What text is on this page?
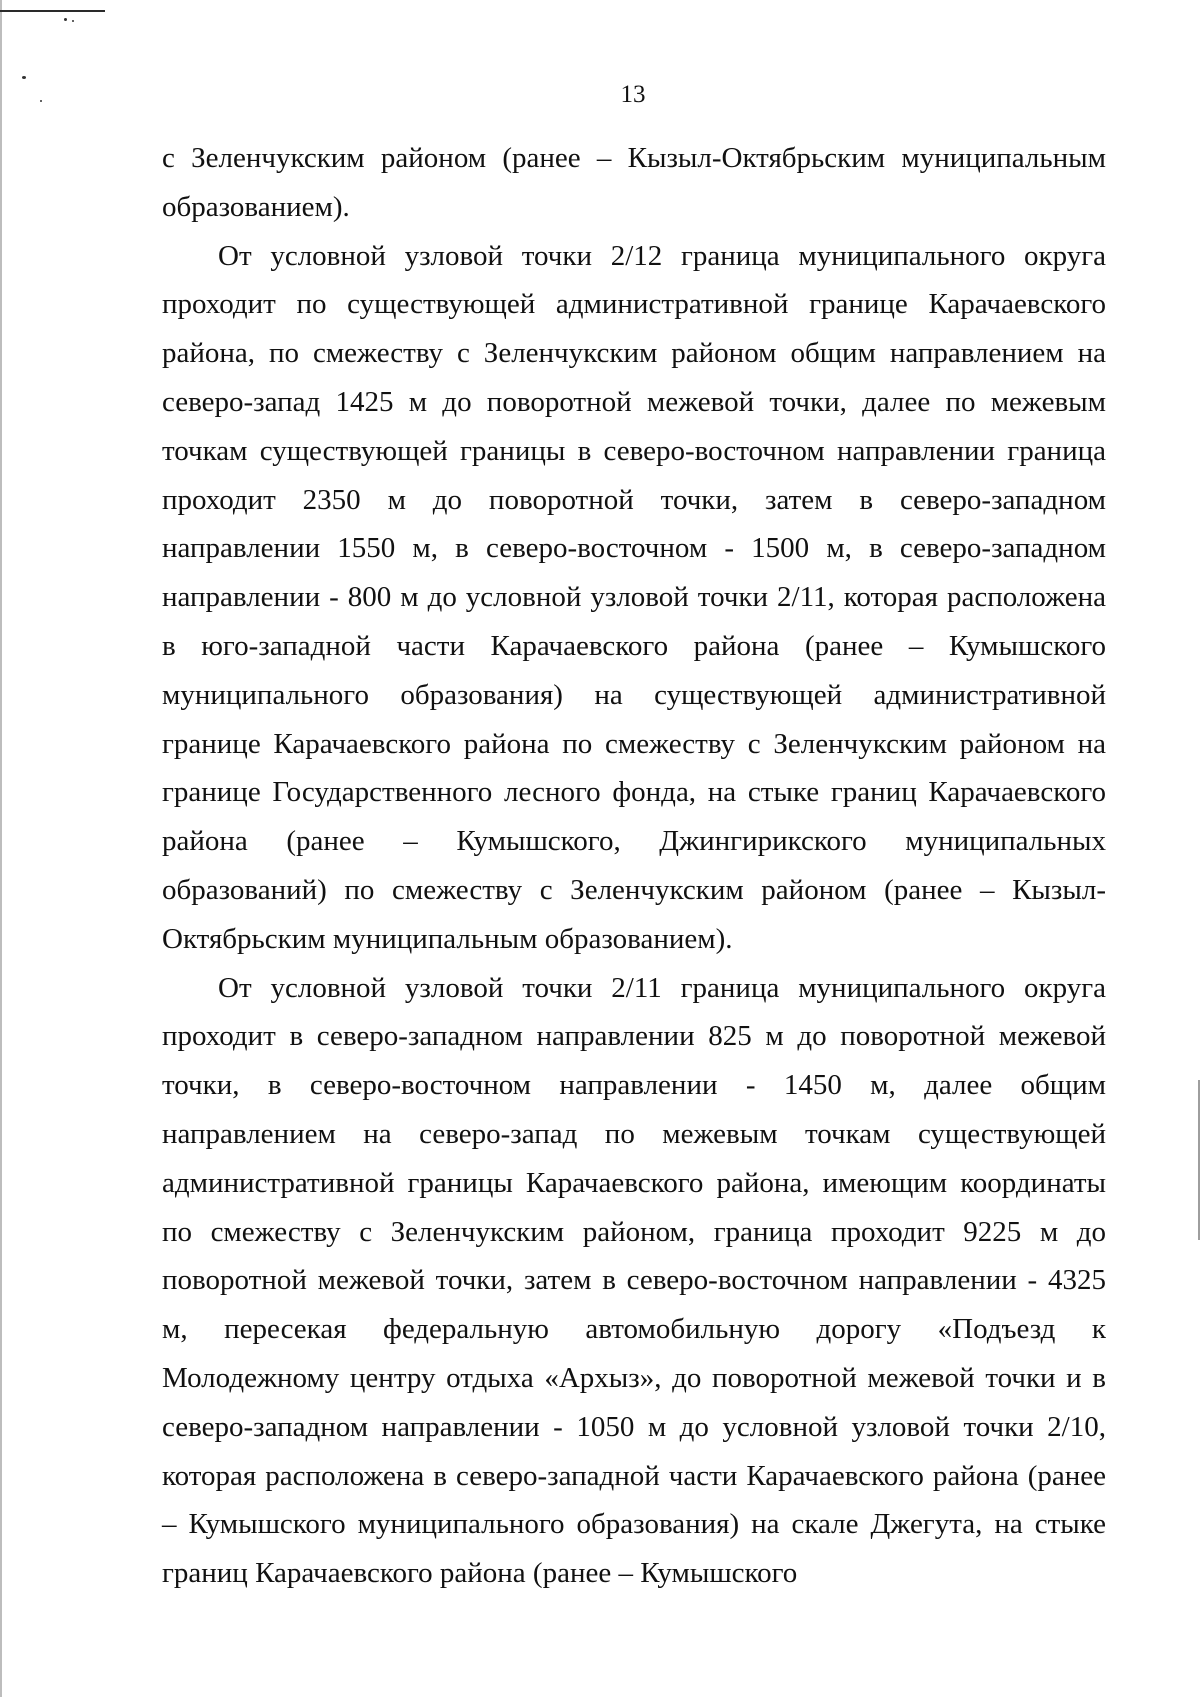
13

с Зеленчукским районом (ранее – Кызыл-Октябрьским муниципальным образованием).

От условной узловой точки 2/12 граница муниципального округа проходит по существующей административной границе Карачаевского района, по смежеству с Зеленчукским районом общим направлением на северо-запад 1425 м до поворотной межевой точки, далее по межевым точкам существующей границы в северо-восточном направлении граница проходит 2350 м до поворотной точки, затем в северо-западном направлении 1550 м, в северо-восточном - 1500 м, в северо-западном направлении - 800 м до условной узловой точки 2/11, которая расположена в юго-западной части Карачаевского района (ранее – Кумышского муниципального образования) на существующей административной границе Карачаевского района по смежеству с Зеленчукским районом на границе Государственного лесного фонда, на стыке границ Карачаевского района (ранее – Кумышского, Джингирикского муниципальных образований) по смежеству с Зеленчукским районом (ранее – Кызыл-Октябрьским муниципальным образованием).

От условной узловой точки 2/11 граница муниципального округа проходит в северо-западном направлении 825 м до поворотной межевой точки, в северо-восточном направлении - 1450 м, далее общим направлением на северо-запад по межевым точкам существующей административной границы Карачаевского района, имеющим координаты по смежеству с Зеленчукским районом, граница проходит 9225 м до поворотной межевой точки, затем в северо-восточном направлении - 4325 м, пересекая федеральную автомобильную дорогу «Подъезд к Молодежному центру отдыха «Архыз», до поворотной межевой точки и в северо-западном направлении - 1050 м до условной узловой точки 2/10, которая расположена в северо-западной части Карачаевского района (ранее – Кумышского муниципального образования) на скале Джегута, на стыке границ Карачаевского района (ранее – Кумышского
